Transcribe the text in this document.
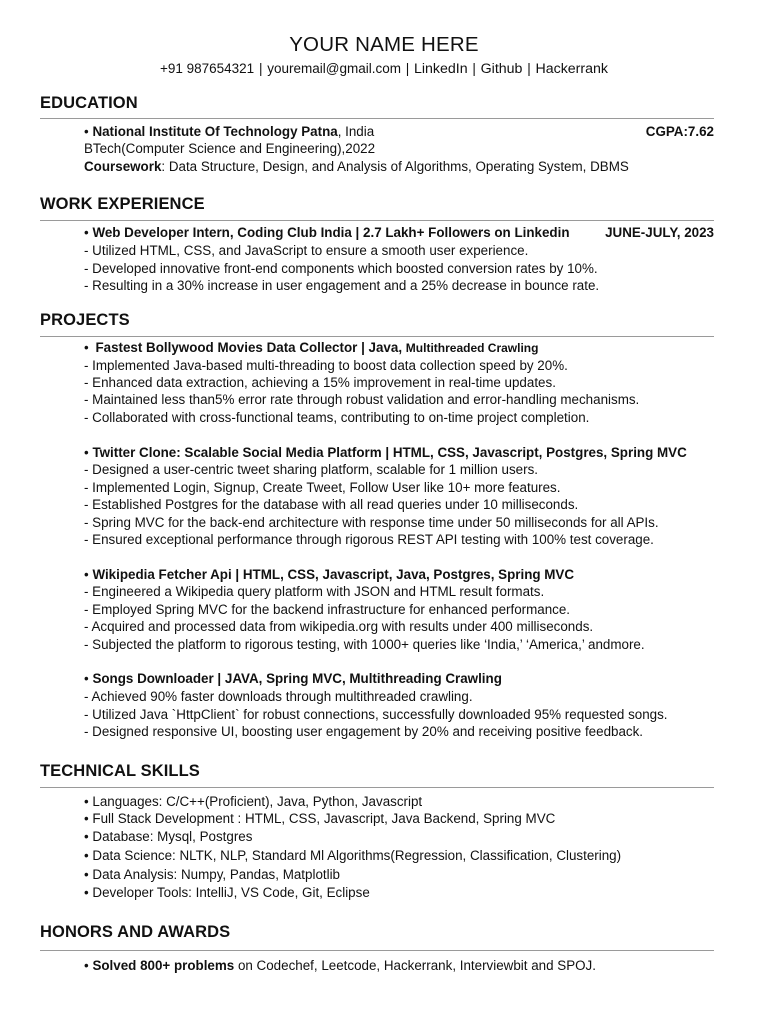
YOUR NAME HERE
+91 987654321 | youremail@gmail.com | LinkedIn | Github | Hackerrank
EDUCATION
• National Institute Of Technology Patna, India	CGPA:7.62
BTech(Computer Science and Engineering),2022
Coursework: Data Structure, Design, and Analysis of Algorithms, Operating System, DBMS
WORK EXPERIENCE
• Web Developer Intern, Coding Club India | 2.7 Lakh+ Followers on Linkedin	JUNE-JULY, 2023
- Utilized HTML, CSS, and JavaScript to ensure a smooth user experience.
- Developed innovative front-end components which boosted conversion rates by 10%.
- Resulting in a 30% increase in user engagement and a 25% decrease in bounce rate.
PROJECTS
• Fastest Bollywood Movies Data Collector | Java, Multithreaded Crawling
- Implemented Java-based multi-threading to boost data collection speed by 20%.
- Enhanced data extraction, achieving a 15% improvement in real-time updates.
- Maintained less than5% error rate through robust validation and error-handling mechanisms.
- Collaborated with cross-functional teams, contributing to on-time project completion.
• Twitter Clone: Scalable Social Media Platform | HTML, CSS, Javascript, Postgres, Spring MVC
- Designed a user-centric tweet sharing platform, scalable for 1 million users.
- Implemented Login, Signup, Create Tweet, Follow User like 10+ more features.
- Established Postgres for the database with all read queries under 10 milliseconds.
- Spring MVC for the back-end architecture with response time under 50 milliseconds for all APIs.
- Ensured exceptional performance through rigorous REST API testing with 100% test coverage.
• Wikipedia Fetcher Api | HTML, CSS, Javascript, Java, Postgres, Spring MVC
- Engineered a Wikipedia query platform with JSON and HTML result formats.
- Employed Spring MVC for the backend infrastructure for enhanced performance.
- Acquired and processed data from wikipedia.org with results under 400 milliseconds.
- Subjected the platform to rigorous testing, with 1000+ queries like ‘India,’ ‘America,’ andmore.
• Songs Downloader | JAVA, Spring MVC, Multithreading Crawling
- Achieved 90% faster downloads through multithreaded crawling.
- Utilized Java `HttpClient` for robust connections, successfully downloaded 95% requested songs.
- Designed responsive UI, boosting user engagement by 20% and receiving positive feedback.
TECHNICAL SKILLS
• Languages: C/C++(Proficient), Java, Python, Javascript
• Full Stack Development : HTML, CSS, Javascript, Java Backend, Spring MVC
• Database: Mysql, Postgres
• Data Science: NLTK, NLP, Standard Ml Algorithms(Regression, Classification, Clustering)
• Data Analysis: Numpy, Pandas, Matplotlib
• Developer Tools: IntelliJ, VS Code, Git, Eclipse
HONORS AND AWARDS
• Solved 800+ problems on Codechef, Leetcode, Hackerrank, Interviewbit and SPOJ.
